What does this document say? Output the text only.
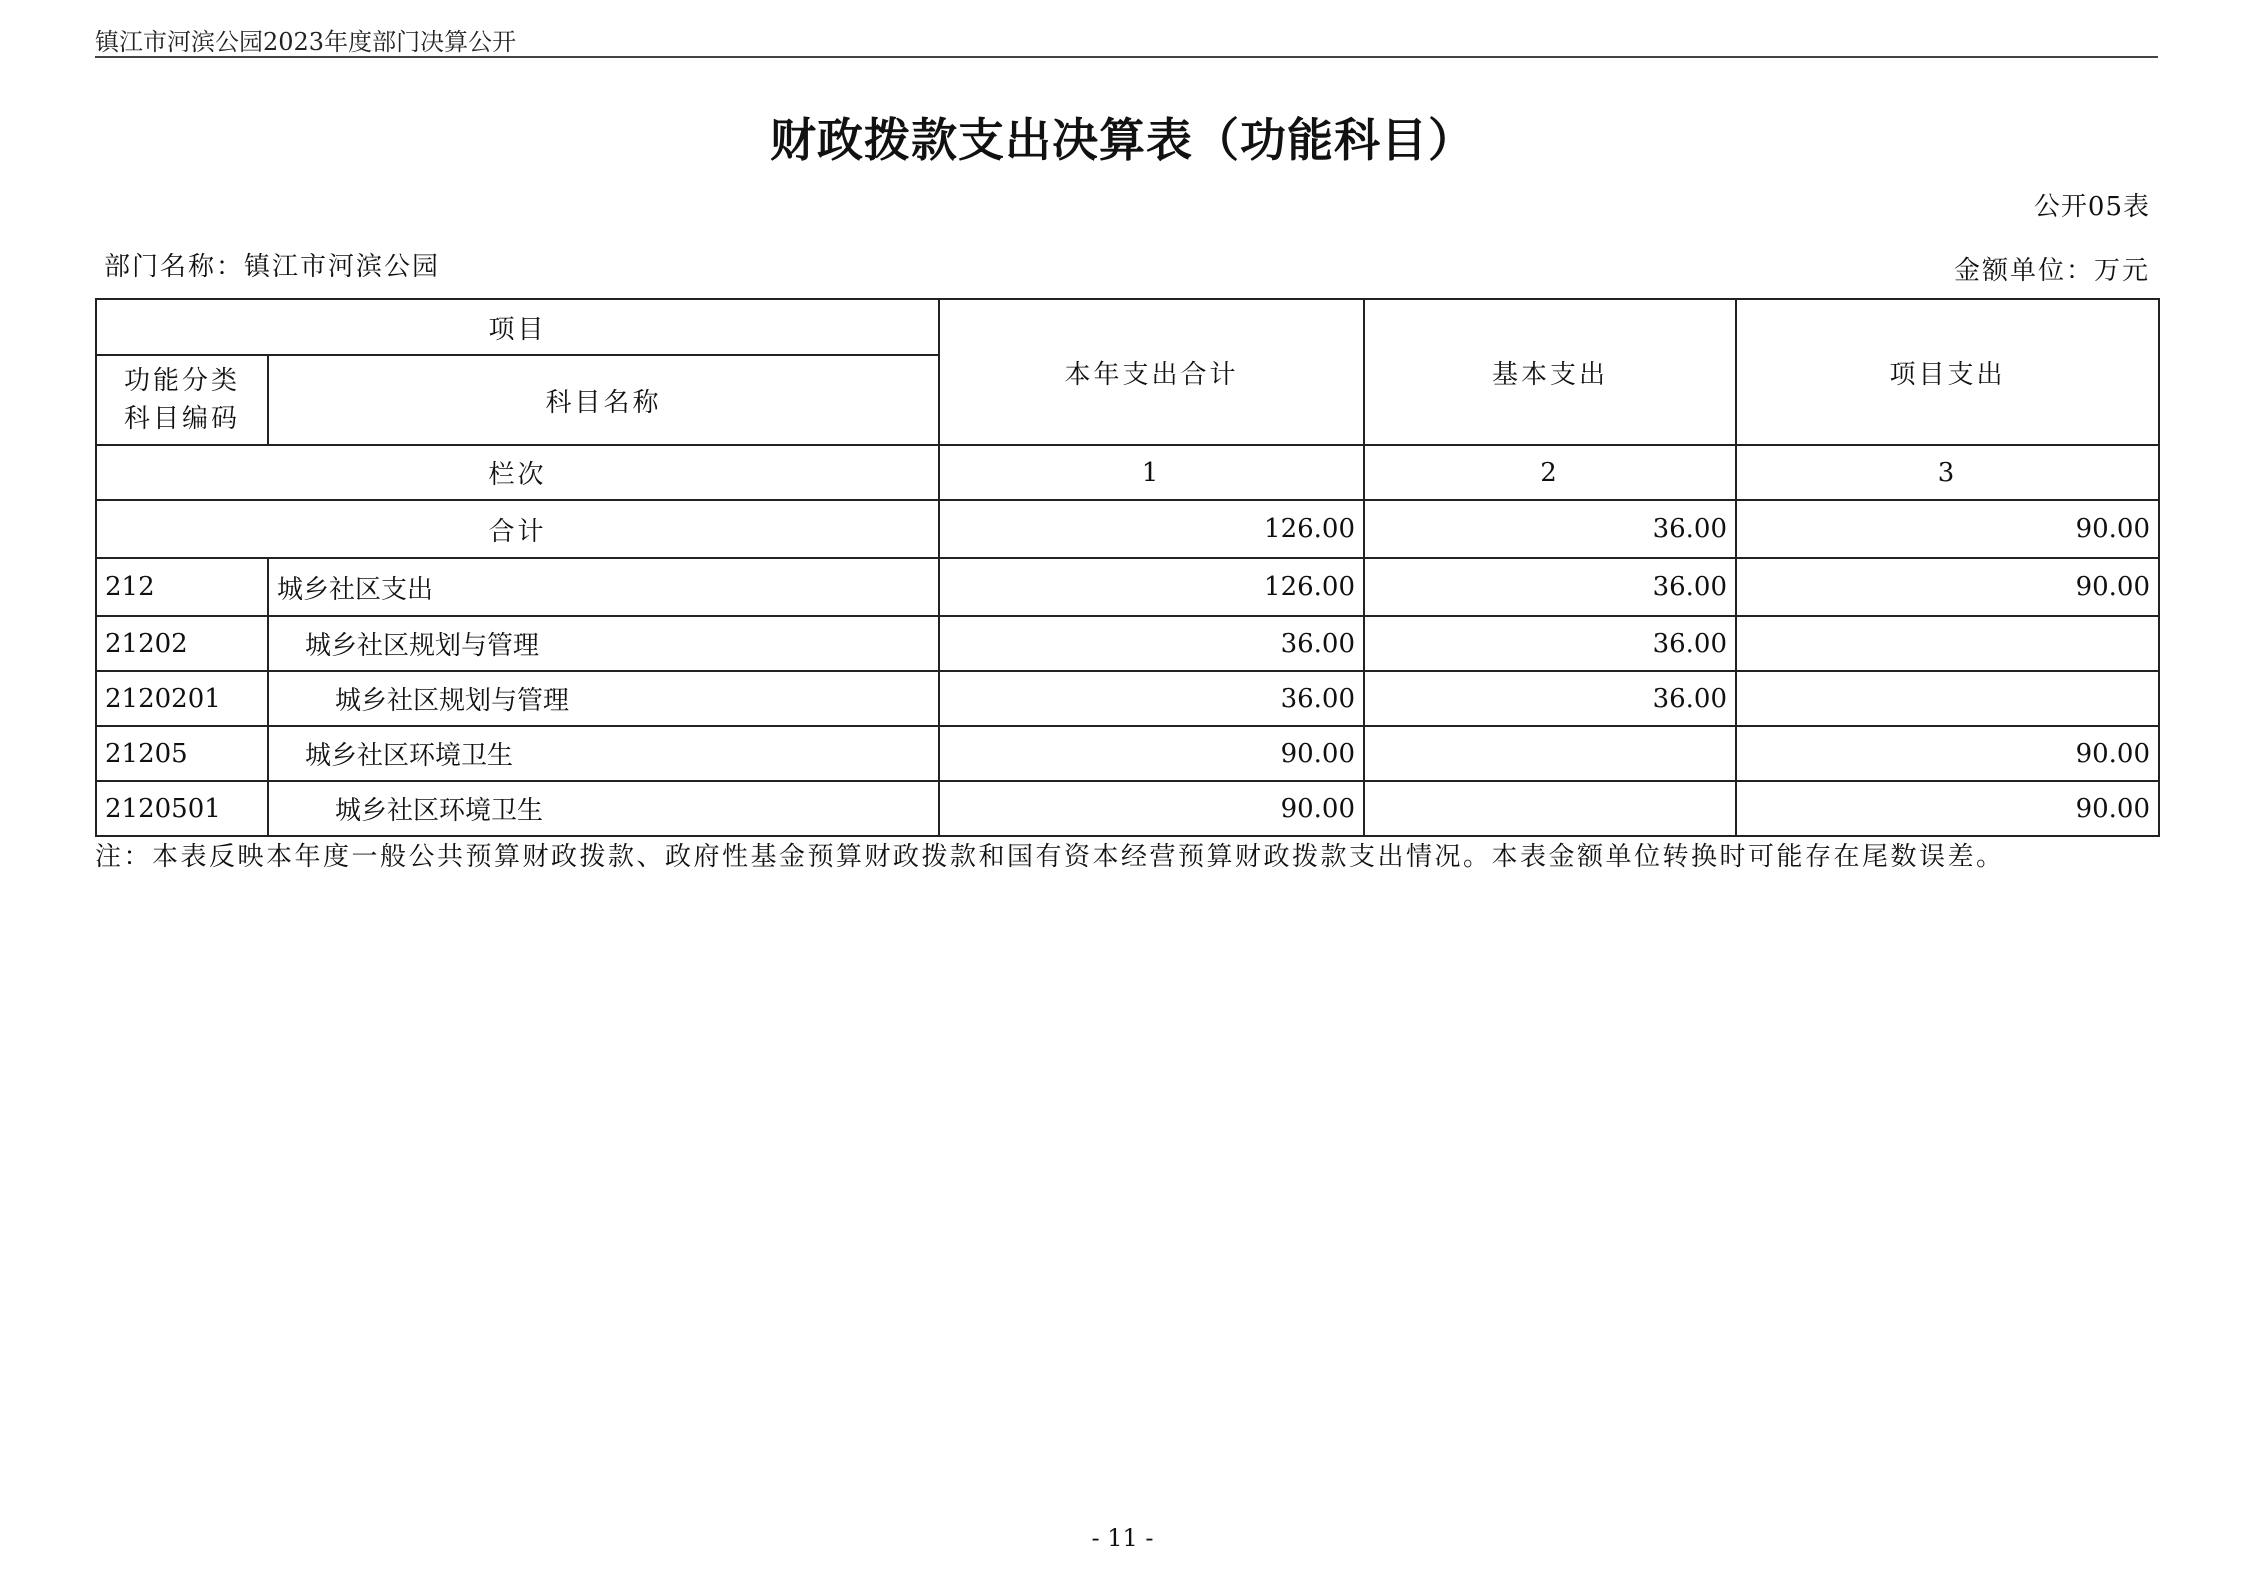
镇江市河滨公园2023年度部门决算公开
财政拨款支出决算表（功能科目）
公开05表
部门名称：镇江市河滨公园	金额单位：万元
项目		本年支出合计	基本支出	项目支出
功能分类科目编码	科目名称			
栏次		1	2	3
合计		126.00	36.00	90.00
212	城乡社区支出	126.00	36.00	90.00
21202	城乡社区规划与管理	36.00	36.00	
2120201	城乡社区规划与管理	36.00	36.00	
21205	城乡社区环境卫生	90.00		90.00
2120501	城乡社区环境卫生	90.00		90.00
注：本表反映本年度一般公共预算财政拨款、政府性基金预算财政拨款和国有资本经营预算财政拨款支出情况。本表金额单位转换时可能存在尾数误差。
- 11 -
